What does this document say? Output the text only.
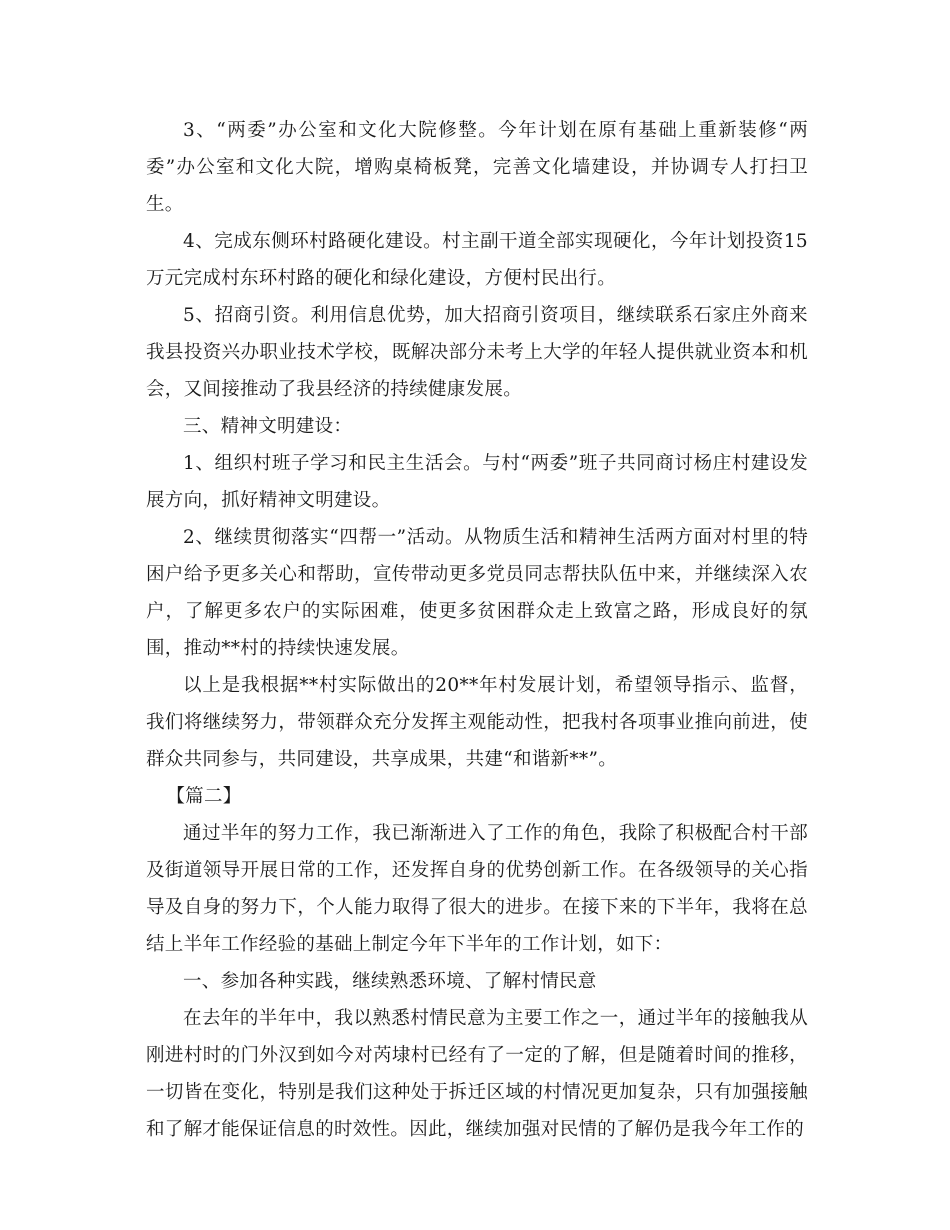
3、“两委”办公室和文化大院修整。今年计划在原有基础上重新装修“两委”办公室和文化大院，增购桌椅板凳，完善文化墙建设，并协调专人打扫卫生。

4、完成东侧环村路硬化建设。村主副干道全部实现硬化，今年计划投资15万元完成村东环村路的硬化和绿化建设，方便村民出行。

5、招商引资。利用信息优势，加大招商引资项目，继续联系石家庄外商来我县投资兴办职业技术学校，既解决部分未考上大学的年轻人提供就业资本和机会，又间接推动了我县经济的持续健康发展。

三、精神文明建设：

1、组织村班子学习和民主生活会。与村“两委”班子共同商讨杨庄村建设发展方向，抓好精神文明建设。

2、继续贯彻落实“四帮一”活动。从物质生活和精神生活两方面对村里的特困户给予更多关心和帮助，宣传带动更多党员同志帮扶队伍中来，并继续深入农户，了解更多农户的实际困难，使更多贫困群众走上致富之路，形成良好的氛围，推动**村的持续快速发展。

以上是我根据**村实际做出的20**年村发展计划，希望领导指示、监督，我们将继续努力，带领群众充分发挥主观能动性，把我村各项事业推向前进，使群众共同参与，共同建设，共享成果，共建“和谐新**”。

【篇二】

通过半年的努力工作，我已渐渐进入了工作的角色，我除了积极配合村干部及街道领导开展日常的工作，还发挥自身的优势创新工作。在各级领导的关心指导及自身的努力下，个人能力取得了很大的进步。在接下来的下半年，我将在总结上半年工作经验的基础上制定今年下半年的工作计划，如下：

一、参加各种实践，继续熟悉环境、了解村情民意

在去年的半年中，我以熟悉村情民意为主要工作之一，通过半年的接触我从刚进村时的门外汉到如今对芮埭村已经有了一定的了解，但是随着时间的推移，一切皆在变化，特别是我们这种处于拆迁区域的村情况更加复杂，只有加强接触和了解才能保证信息的时效性。因此，继续加强对民情的了解仍是我今年工作的
